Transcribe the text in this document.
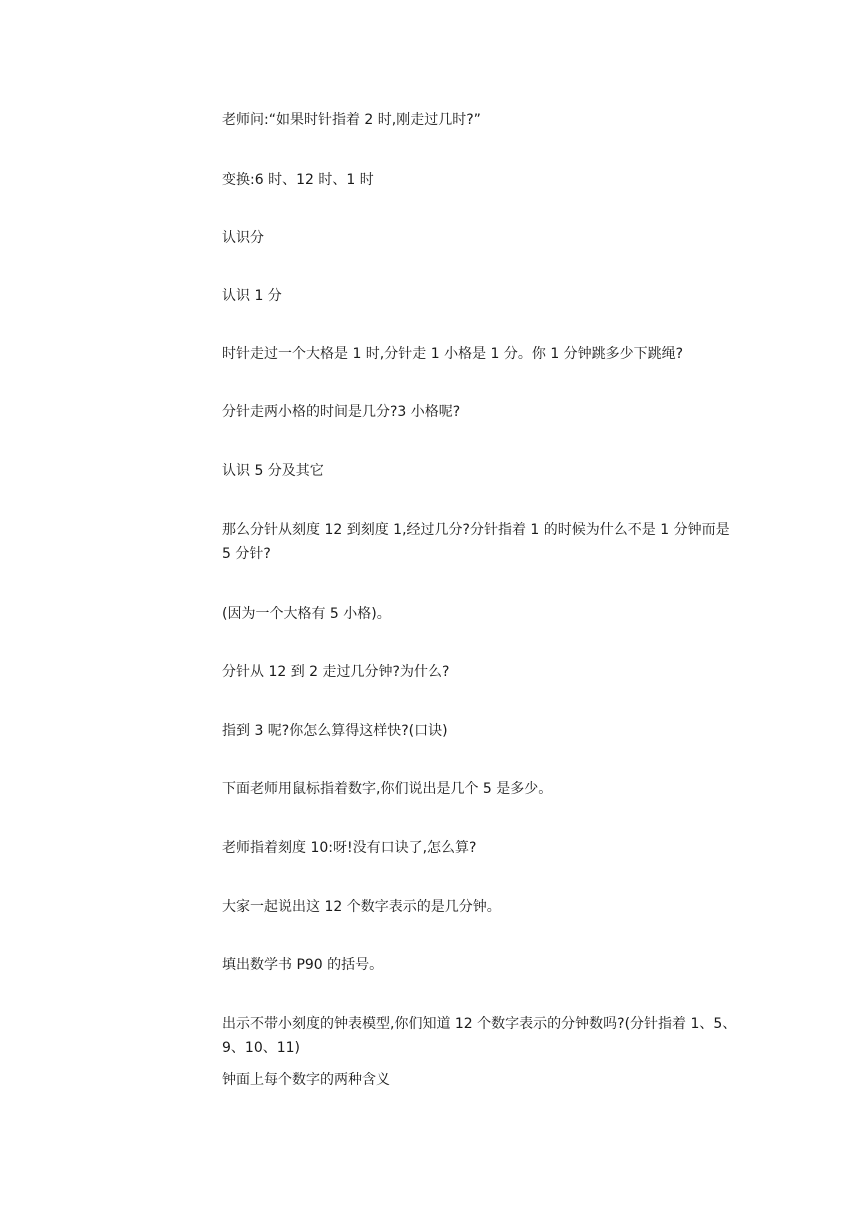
老师问:“如果时针指着 2 时,刚走过几时?”

变换:6 时、12 时、1 时

认识分

认识 1 分

时针走过一个大格是 1 时,分针走 1 小格是 1 分。你 1 分钟跳多少下跳绳?

分针走两小格的时间是几分?3 小格呢?

认识 5 分及其它

那么分针从刻度 12 到刻度 1,经过几分?分针指着 1 的时候为什么不是 1 分钟而是 5 分针?

(因为一个大格有 5 小格)。

分针从 12 到 2 走过几分钟?为什么?

指到 3 呢?你怎么算得这样快?(口诀)

下面老师用鼠标指着数字,你们说出是几个 5 是多少。

老师指着刻度 10:呀!没有口诀了,怎么算?

大家一起说出这 12 个数字表示的是几分钟。

填出数学书 P90 的括号。

出示不带小刻度的钟表模型,你们知道 12 个数字表示的分钟数吗?(分针指着 1、5、9、10、11)

钟面上每个数字的两种含义
